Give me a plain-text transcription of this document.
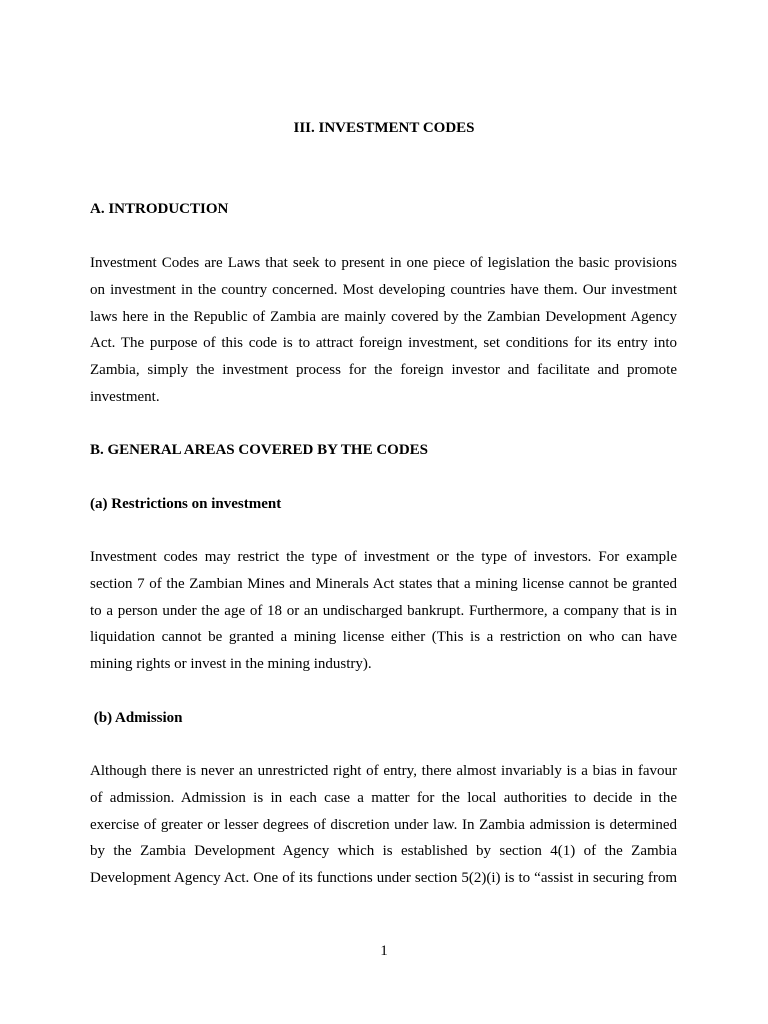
III. INVESTMENT CODES
A. INTRODUCTION
Investment Codes are Laws that seek to present in one piece of legislation the basic provisions
on investment in the country concerned. Most developing countries have them. Our investment
laws here in the Republic of Zambia are mainly covered by the Zambian Development Agency
Act. The purpose of this code is to attract foreign investment, set conditions for its entry into
Zambia, simply the investment process for the foreign investor and facilitate and promote
investment.
B. GENERAL AREAS COVERED BY THE CODES
(a) Restrictions on investment
Investment codes may restrict the type of investment or the type of investors. For example
section 7 of the Zambian Mines and Minerals Act states that a mining license cannot be granted
to a person under the age of 18 or an undischarged bankrupt. Furthermore, a company that is in
liquidation cannot be granted a mining license either (This is a restriction on who can have
mining rights or invest in the mining industry).
(b) Admission
Although there is never an unrestricted right of entry, there almost invariably is a bias in favour
of admission. Admission is in each case a matter for the local authorities to decide in the
exercise of greater or lesser degrees of discretion under law. In Zambia admission is determined
by the Zambia Development Agency which is established by section 4(1) of the Zambia
Development Agency Act. One of its functions under section 5(2)(i) is to “assist in securing from

1
